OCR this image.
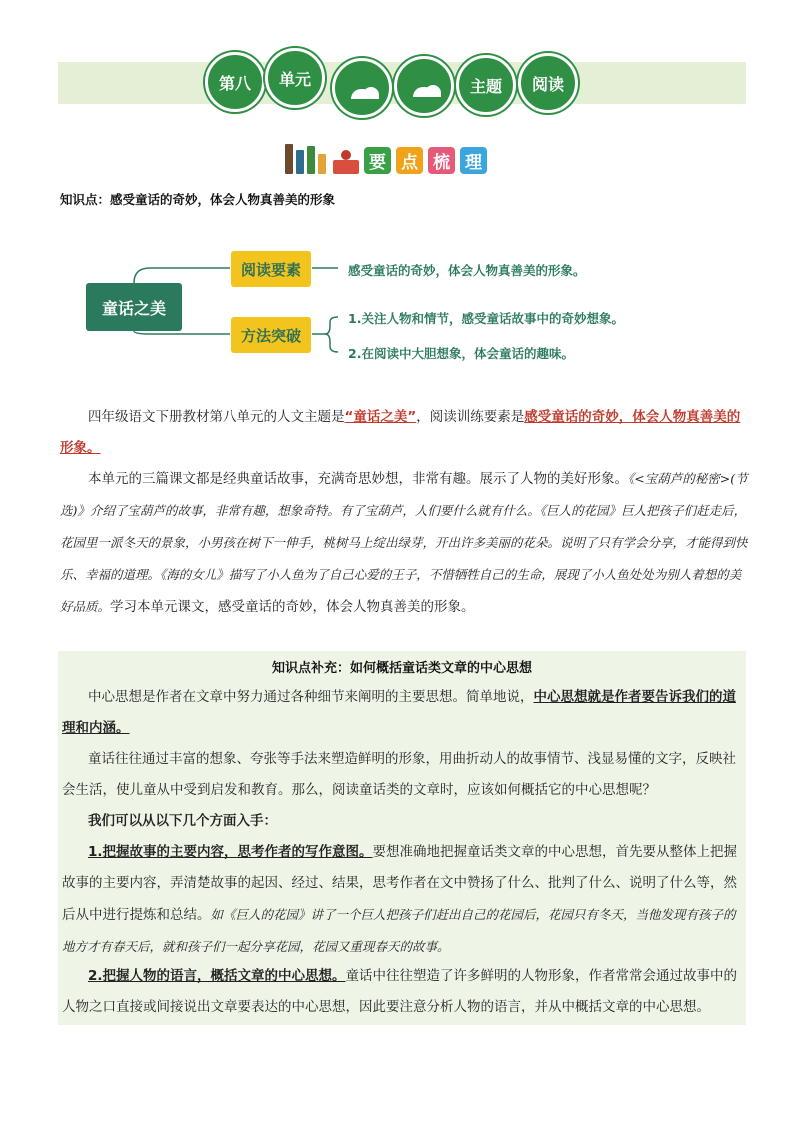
第八 单元	主题 阅读
要 点 梳 理
知识点：感受童话的奇妙，体会人物真善美的形象
童话之美
阅读要素
方法突破
感受童话的奇妙，体会人物真善美的形象。
1.关注人物和情节，感受童话故事中的奇妙想象。
2.在阅读中大胆想象，体会童话的趣味。
四年级语文下册教材第八单元的人文主题是“童话之美”，阅读训练要素是感受童话的奇妙，体会人物真善美的形象。
本单元的三篇课文都是经典童话故事，充满奇思妙想，非常有趣。展示了人物的美好形象。《<宝葫芦的秘密>(节选)》介绍了宝葫芦的故事，非常有趣，想象奇特。有了宝葫芦，人们要什么就有什么。《巨人的花园》巨人把孩子们赶走后，花园里一派冬天的景象，小男孩在树下一伸手，桃树马上绽出绿芽，开出许多美丽的花朵。说明了只有学会分享，才能得到快乐、幸福的道理。《海的女儿》描写了小人鱼为了自己心爱的王子，不惜牺牲自己的生命，展现了小人鱼处处为别人着想的美好品质。学习本单元课文，感受童话的奇妙，体会人物真善美的形象。
知识点补充：如何概括童话类文章的中心思想
中心思想是作者在文章中努力通过各种细节来阐明的主要思想。简单地说，中心思想就是作者要告诉我们的道理和内涵。
童话往往通过丰富的想象、夸张等手法来塑造鲜明的形象，用曲折动人的故事情节、浅显易懂的文字，反映社会生活，使儿童从中受到启发和教育。那么，阅读童话类的文章时，应该如何概括它的中心思想呢？
我们可以从以下几个方面入手：
1.把握故事的主要内容，思考作者的写作意图。要想准确地把握童话类文章的中心思想，首先要从整体上把握故事的主要内容，弄清楚故事的起因、经过、结果，思考作者在文中赞扬了什么、批判了什么、说明了什么等，然后从中进行提炼和总结。如《巨人的花园》讲了一个巨人把孩子们赶出自己的花园后，花园只有冬天，当他发现有孩子的地方才有春天后，就和孩子们一起分享花园，花园又重现春天的故事。
2.把握人物的语言，概括文章的中心思想。童话中往往塑造了许多鲜明的人物形象，作者常常会通过故事中的人物之口直接或间接说出文章要表达的中心思想，因此要注意分析人物的语言，并从中概括文章的中心思想。
